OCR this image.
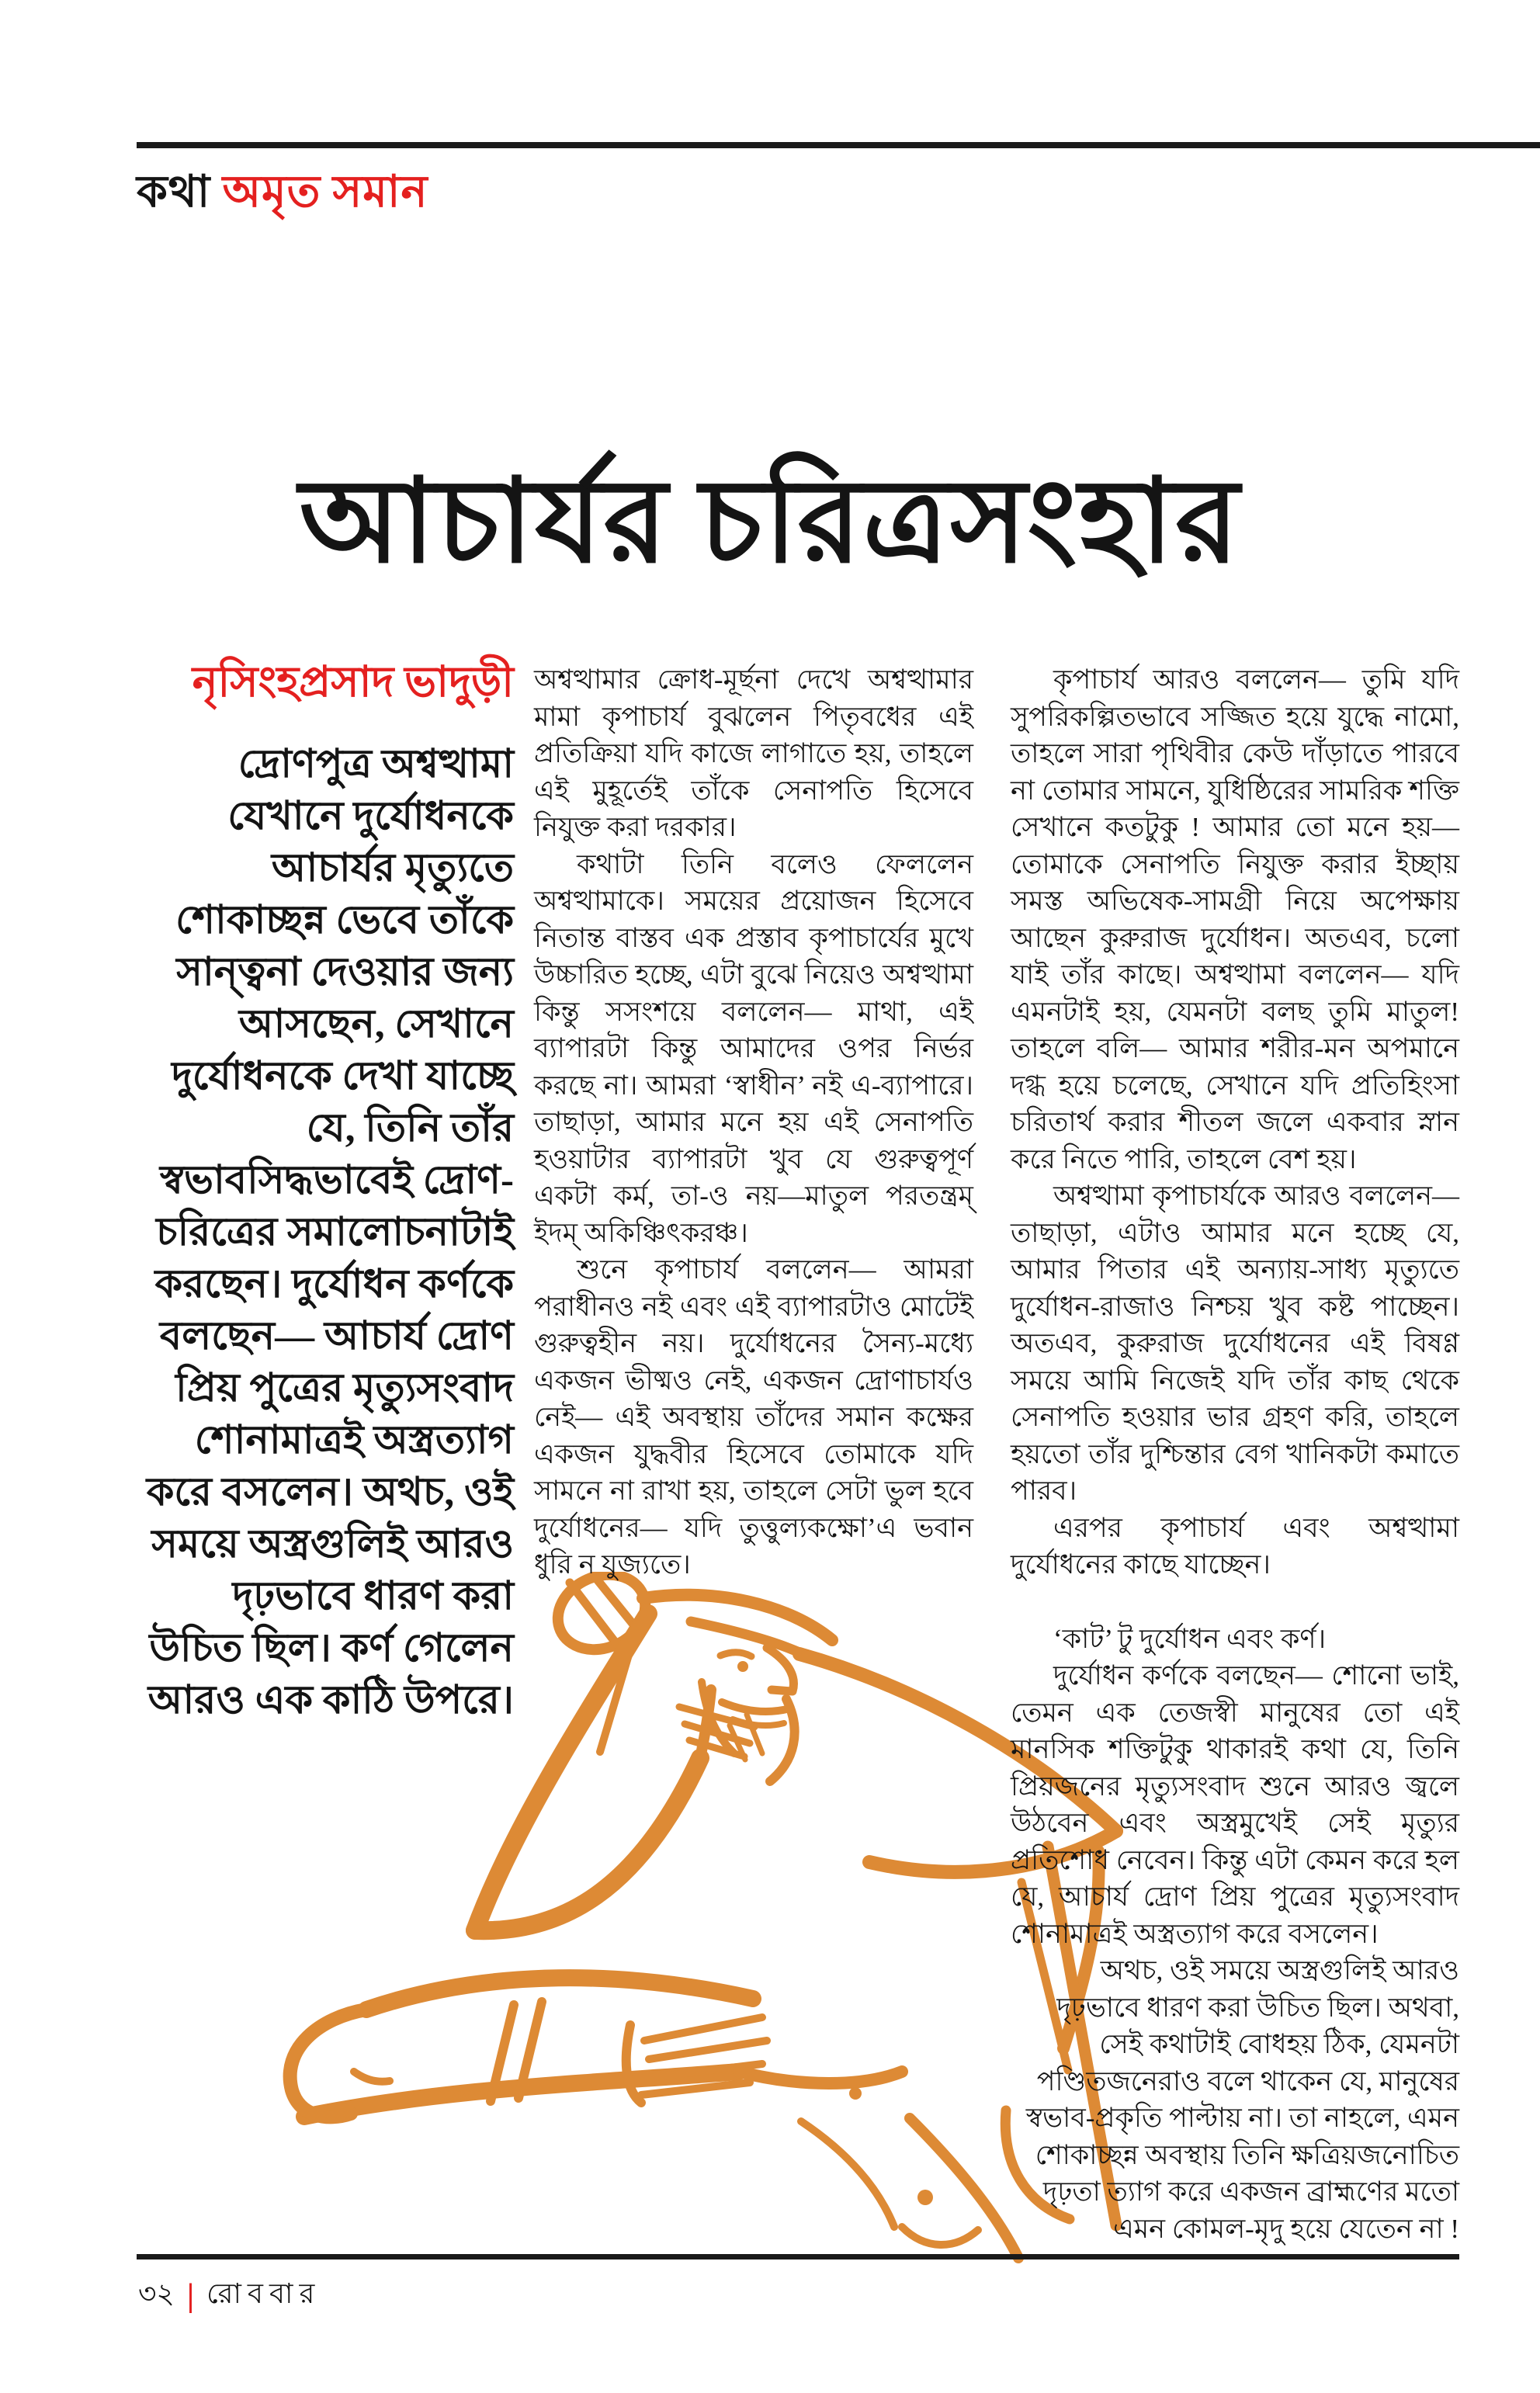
কথা অমৃত সমান
আচার্যর চরিত্রসংহার
নৃসিংহপ্রসাদ ভাদুড়ী
দ্রোণপুত্র অশ্বত্থামা যেখানে দুর্যোধনকে আচার্যর মৃত্যুতে শোকাচ্ছন্ন ভেবে তাঁকে সান্ত্বনা দেওয়ার জন্য আসছেন, সেখানে দুর্যোধনকে দেখা যাচ্ছে যে, তিনি তাঁর স্বভাবসিদ্ধভাবেই দ্রোণ-চরিত্রের সমালোচনাটাই করছেন। দুর্যোধন কর্ণকে বলছেন— আচার্য দ্রোণ প্রিয় পুত্রের মৃত্যুসংবাদ শোনামাত্রই অস্ত্রত্যাগ করে বসলেন। অথচ, ওই সময়ে অস্ত্রগুলিই আরও দৃঢ়ভাবে ধারণ করা উচিত ছিল। কর্ণ গেলেন আরও এক কাঠি উপরে।

অশ্বত্থামার ক্রোধ-মূর্ছনা দেখে অশ্বত্থামার মামা কৃপাচার্য বুঝলেন পিতৃবধের এই প্রতিক্রিয়া যদি কাজে লাগাতে হয়, তাহলে এই মুহূর্তেই তাঁকে সেনাপতি হিসেবে নিযুক্ত করা দরকার।

কথাটা তিনি বলেও ফেললেন অশ্বত্থামাকে। সময়ের প্রয়োজন হিসেবে নিতান্ত বাস্তব এক প্রস্তাব কৃপাচার্যের মুখে উচ্চারিত হচ্ছে, এটা বুঝে নিয়েও অশ্বত্থামা কিন্তু সসংশয়ে বললেন— মাথা, এই ব্যাপারটা কিন্তু আমাদের ওপর নির্ভর করছে না। আমরা ‘স্বাধীন’ নই এ-ব্যাপারে। তাছাড়া, আমার মনে হয় এই সেনাপতি হওয়াটার ব্যাপারটা খুব যে গুরুত্বপূর্ণ একটা কর্ম, তা-ও নয়—মাতুল পরতন্ত্রম্ ইদম্ অকিঞ্চিৎকরঞ্চ।

শুনে কৃপাচার্য বললেন— আমরা পরাধীনও নই এবং এই ব্যাপারটাও মোটেই গুরুত্বহীন নয়। দুর্যোধনের সৈন্য-মধ্যে একজন ভীষ্মও নেই, একজন দ্রোণাচার্যও নেই— এই অবস্থায় তাঁদের সমান কক্ষের একজন যুদ্ধবীর হিসেবে তোমাকে যদি সামনে না রাখা হয়, তাহলে সেটা ভুল হবে দুর্যোধনের— যদি তুত্তুল্যকক্ষো’এ ভবান ধুরি ন যুজ্যতে।

কৃপাচার্য আরও বললেন— তুমি যদি সুপরিকল্পিতভাবে সজ্জিত হয়ে যুদ্ধে নামো, তাহলে সারা পৃথিবীর কেউ দাঁড়াতে পারবে না তোমার সামনে, যুধিষ্ঠিরের সামরিক শক্তি সেখানে কতটুকু ! আমার তো মনে হয়— তোমাকে সেনাপতি নিযুক্ত করার ইচ্ছায় সমস্ত অভিষেক-সামগ্রী নিয়ে অপেক্ষায় আছেন কুরুরাজ দুর্যোধন। অতএব, চলো যাই তাঁর কাছে। অশ্বত্থামা বললেন— যদি এমনটাই হয়, যেমনটা বলছ তুমি মাতুল! তাহলে বলি— আমার শরীর-মন অপমানে দগ্ধ হয়ে চলেছে, সেখানে যদি প্রতিহিংসা চরিতার্থ করার শীতল জলে একবার স্নান করে নিতে পারি, তাহলে বেশ হয়।

অশ্বত্থামা কৃপাচার্যকে আরও বললেন— তাছাড়া, এটাও আমার মনে হচ্ছে যে, আমার পিতার এই অন্যায়-সাধ্য মৃত্যুতে দুর্যোধন-রাজাও নিশ্চয় খুব কষ্ট পাচ্ছেন। অতএব, কুরুরাজ দুর্যোধনের এই বিষণ্ণ সময়ে আমি নিজেই যদি তাঁর কাছ থেকে সেনাপতি হওয়ার ভার গ্রহণ করি, তাহলে হয়তো তাঁর দুশ্চিন্তার বেগ খানিকটা কমাতে পারব।

এরপর কৃপাচার্য এবং অশ্বত্থামা দুর্যোধনের কাছে যাচ্ছেন।

‘কাট’ টু দুর্যোধন এবং কর্ণ।

দুর্যোধন কর্ণকে বলছেন— শোনো ভাই, তেমন এক তেজস্বী মানুষের তো এই মানসিক শক্তিটুকু থাকারই কথা যে, তিনি প্রিয়জনের মৃত্যুসংবাদ শুনে আরও জ্বলে উঠবেন এবং অস্ত্রমুখেই সেই মৃত্যুর প্রতিশোধ নেবেন। কিন্তু এটা কেমন করে হল যে, আচার্য দ্রোণ প্রিয় পুত্রের মৃত্যুসংবাদ শোনামাত্রই অস্ত্রত্যাগ করে বসলেন।

অথচ, ওই সময়ে অস্ত্রগুলিই আরও দৃঢ়ভাবে ধারণ করা উচিত ছিল। অথবা, সেই কথাটাই বোধহয় ঠিক, যেমনটা পণ্ডিতজনেরাও বলে থাকেন যে, মানুষের স্বভাব-প্রকৃতি পাল্টায় না। তা নাহলে, এমন শোকাচ্ছন্ন অবস্থায় তিনি ক্ষত্রিয়জনোচিত দৃঢ়তা ত্যাগ করে একজন ব্রাহ্মণের মতো এমন কোমল-মৃদু হয়ে যেতেন না !

৩২ | রোববার
